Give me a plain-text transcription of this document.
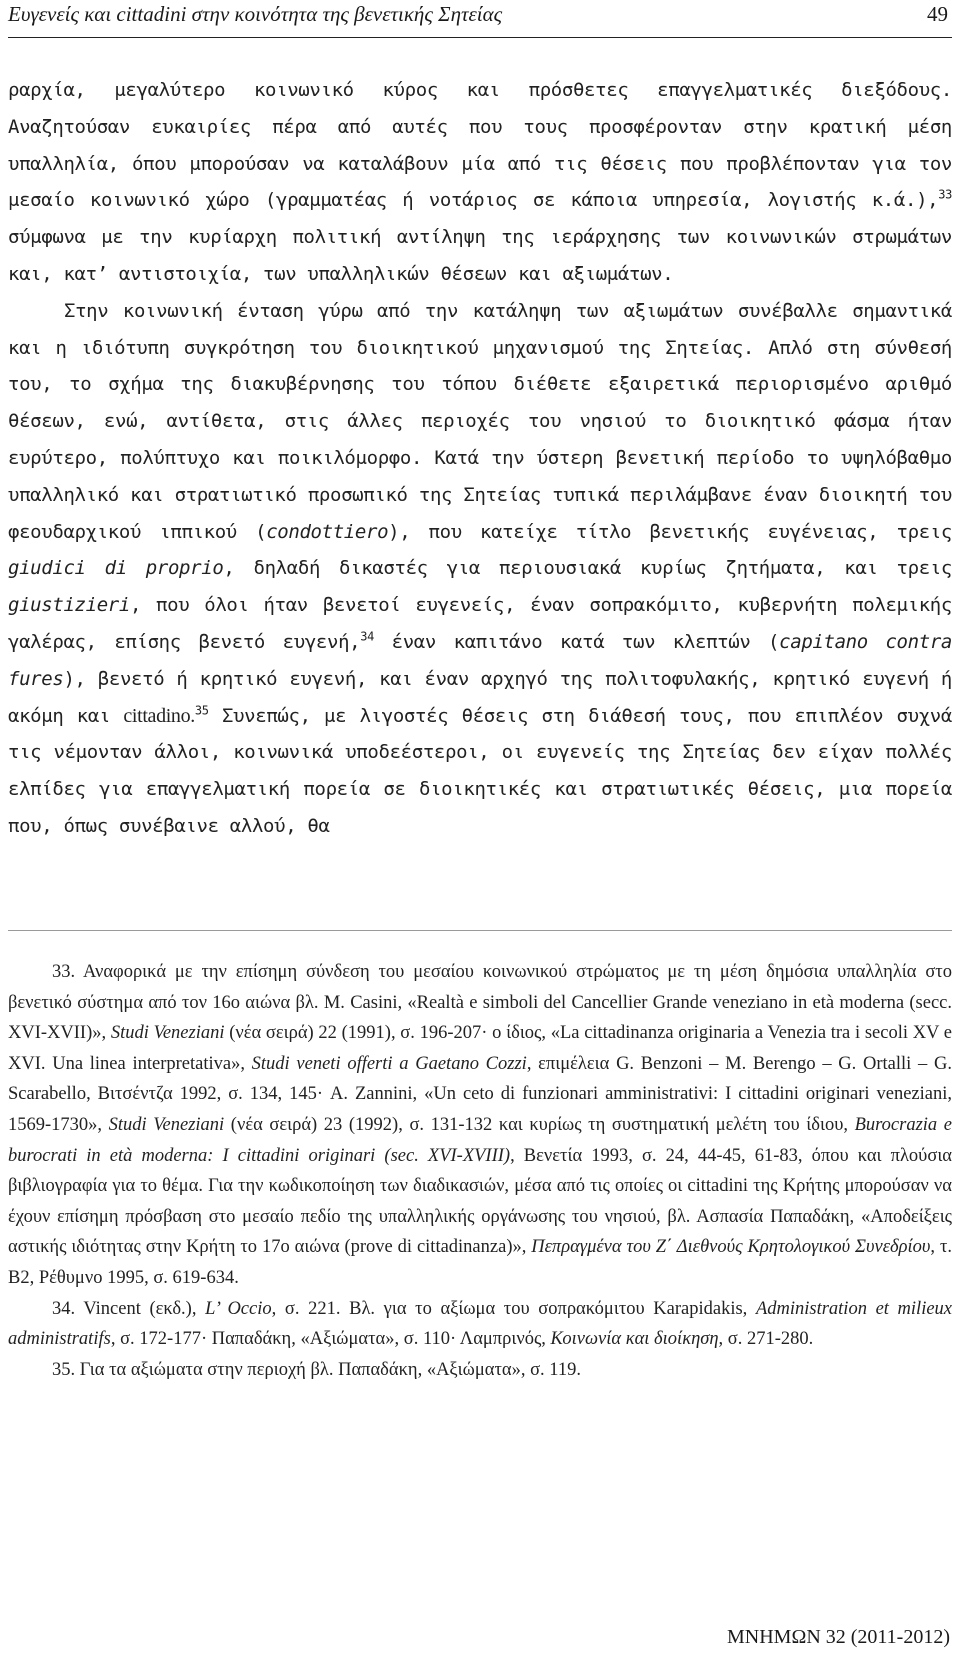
Ευγενείς και cittadini στην κοινότητα της βενετικής Σητείας	49

ραρχία, μεγαλύτερο κοινωνικό κύρος και πρόσθετες επαγγελματικές διεξόδους. Αναζητούσαν ευκαιρίες πέρα από αυτές που τους προσφέρονταν στην κρατική μέση υπαλληλία, όπου μπορούσαν να καταλάβουν μία από τις θέσεις που προβλέπονταν για τον μεσαίο κοινωνικό χώρο (γραμματέας ή νοτάριος σε κάποια υπηρεσία, λογιστής κ.ά.),$^{33}$ σύμφωνα με την κυρίαρχη πολιτική αντίληψη της ιεράρχησης των κοινωνικών στρωμάτων και, κατ’ αντιστοιχία, των υπαλληλικών θέσεων και αξιωμάτων.

Στην κοινωνική ένταση γύρω από την κατάληψη των αξιωμάτων συνέβαλλε σημαντικά και η ιδιότυπη συγκρότηση του διοικητικού μηχανισμού της Σητείας. Απλό στη σύνθεσή του, το σχήμα της διακυβέρνησης του τόπου διέθετε εξαιρετικά περιορισμένο αριθμό θέσεων, ενώ, αντίθετα, στις άλλες περιοχές του νησιού το διοικητικό φάσμα ήταν ευρύτερο, πολύπτυχο και ποικιλόμορφο. Κατά την ύστερη βενετική περίοδο το υψηλόβαθμο υπαλληλικό και στρατιωτικό προσωπικό της Σητείας τυπικά περιλάμβανε έναν διοικητή του φεουδαρχικού ιππικού (condottiero), που κατείχε τίτλο βενετικής ευγένειας, τρεις giudici di proprio, δηλαδή δικαστές για περιουσιακά κυρίως ζητήματα, και τρεις giustizieri, που όλοι ήταν βενετοί ευγενείς, έναν σοπρακόμιτο, κυβερνήτη πολεμικής γαλέρας, επίσης βενετό ευγενή,$^{34}$ έναν καπιτάνο κατά των κλεπτών (capitano contra fures), βενετό ή κρητικό ευγενή, και έναν αρχηγό της πολιτοφυλακής, κρητικό ευγενή ή ακόμη και cittadino.$^{35}$ Συνεπώς, με λιγοστές θέσεις στη διάθεσή τους, που επιπλέον συχνά τις νέμονταν άλλοι, κοινωνικά υποδεέστεροι, οι ευγενείς της Σητείας δεν είχαν πολλές ελπίδες για επαγγελματική πορεία σε διοικητικές και στρατιωτικές θέσεις, μια πορεία που, όπως συνέβαινε αλλού, θα

33. Αναφορικά με την επίσημη σύνδεση του μεσαίου κοινωνικού στρώματος με τη μέση δημόσια υπαλληλία στο βενετικό σύστημα από τον 16ο αιώνα βλ. M. Casini, «Realtà e simboli del Cancellier Grande veneziano in età moderna (secc. XVI-XVII)», Studi Veneziani (νέα σειρά) 22 (1991), σ. 196-207· ο ίδιος, «La cittadinanza originaria a Venezia tra i secoli XV e XVI. Una linea interpretativa», Studi veneti offerti a Gaetano Cozzi, επιμέλεια G. Benzoni – M. Berengo – G. Ortalli – G. Scarabello, Βιτσέντζα 1992, σ. 134, 145· A. Zannini, «Un ceto di funzionari amministrativi: I cittadini originari veneziani, 1569-1730», Studi Veneziani (νέα σειρά) 23 (1992), σ. 131-132 και κυρίως τη συστηματική μελέτη του ίδιου, Burocrazia e burocrati in età moderna: I cittadini originari (sec. XVI-XVIII), Βενετία 1993, σ. 24, 44-45, 61-83, όπου και πλούσια βιβλιογραφία για το θέμα. Για την κωδικοποίηση των διαδικασιών, μέσα από τις οποίες οι cittadini της Κρήτης μπορούσαν να έχουν επίσημη πρόσβαση στο μεσαίο πεδίο της υπαλληλικής οργάνωσης του νησιού, βλ. Ασπασία Παπαδάκη, «Αποδείξεις αστικής ιδιότητας στην Κρήτη το 17ο αιώνα (prove di cittadinanza)», Πεπραγμένα του Ζ΄ Διεθνούς Κρητολογικού Συνεδρίου, τ. Β2, Ρέθυμνο 1995, σ. 619-634.

34. Vincent (εκδ.), L’ Occio, σ. 221. Βλ. για το αξίωμα του σοπρακόμιτου Karapidakis, Administration et milieux administratifs, σ. 172-177· Παπαδάκη, «Αξιώματα», σ. 110· Λαμπρινός, Κοινωνία και διοίκηση, σ. 271-280.

35. Για τα αξιώματα στην περιοχή βλ. Παπαδάκη, «Αξιώματα», σ. 119.

ΜΝΗΜΩΝ 32 (2011-2012)
